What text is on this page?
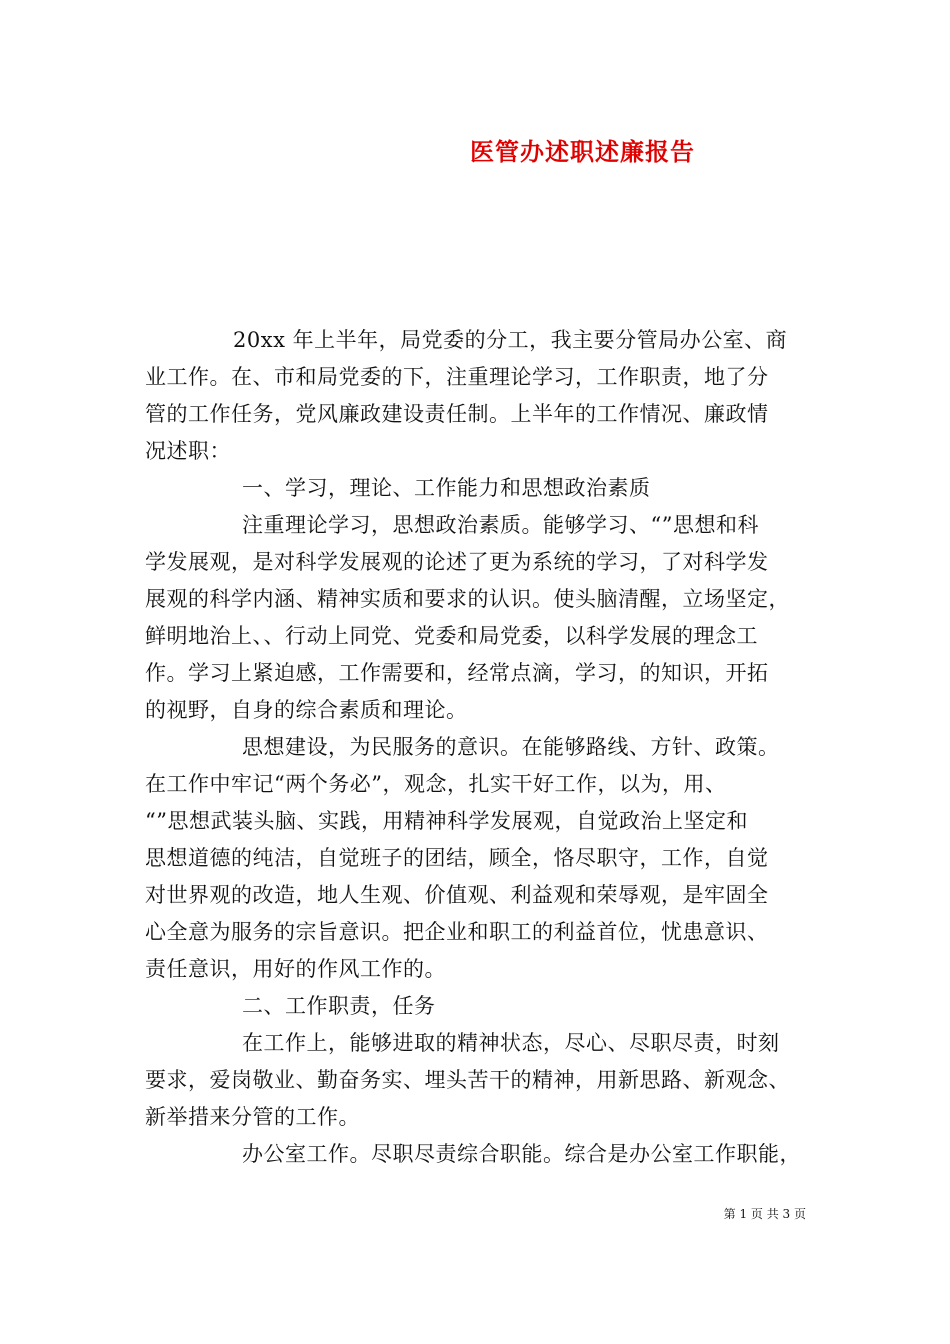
医管办述职述廉报告
20xx 年上半年，局党委的分工，我主要分管局办公室、商
业工作。在、市和局党委的下，注重理论学习，工作职责，地了分
管的工作任务，党风廉政建设责任制。上半年的工作情况、廉政情
况述职：
一、学习，理论、工作能力和思想政治素质
注重理论学习，思想政治素质。能够学习、“”思想和科
学发展观，是对科学发展观的论述了更为系统的学习，了对科学发
展观的科学内涵、精神实质和要求的认识。使头脑清醒，立场坚定，
鲜明地治上、、行动上同党、党委和局党委，以科学发展的理念工
作。学习上紧迫感，工作需要和，经常点滴，学习，的知识，开拓
的视野，自身的综合素质和理论。
思想建设，为民服务的意识。在能够路线、方针、政策。
在工作中牢记“两个务必”，观念，扎实干好工作，以为，用、
“”思想武装头脑、实践，用精神科学发展观，自觉政治上坚定和
思想道德的纯洁，自觉班子的团结，顾全，恪尽职守，工作，自觉
对世界观的改造，地人生观、价值观、利益观和荣辱观，是牢固全
心全意为服务的宗旨意识。把企业和职工的利益首位，忧患意识、
责任意识，用好的作风工作的。
二、工作职责，任务
在工作上，能够进取的精神状态，尽心、尽职尽责，时刻
要求，爱岗敬业、勤奋务实、埋头苦干的精神，用新思路、新观念、
新举措来分管的工作。
办公室工作。尽职尽责综合职能。综合是办公室工作职能，
第 1 页 共 3 页
